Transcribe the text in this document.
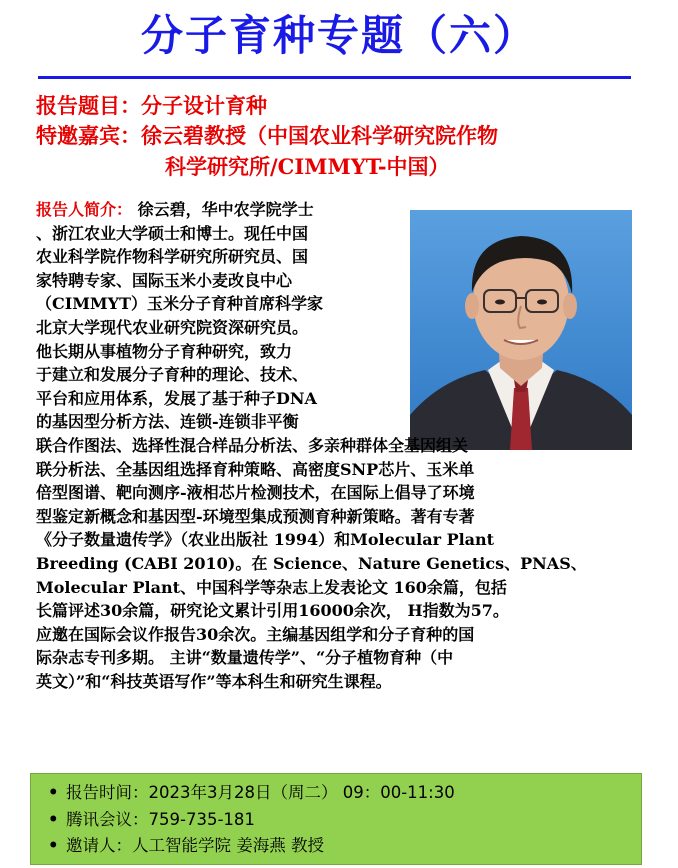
分子育种专题（六）
报告题目：分子设计育种
特邀嘉宾：徐云碧教授（中国农业科学研究院作物
科学研究所/CIMMYT-中国）
报告人简介： 徐云碧，华中农学院学士
、浙江农业大学硕士和博士。现任中国
农业科学院作物科学研究所研究员、国
家特聘专家、国际玉米小麦改良中心
（CIMMYT）玉米分子育种首席科学家
北京大学现代农业研究院资深研究员。
他长期从事植物分子育种研究，致力
于建立和发展分子育种的理论、技术、
平台和应用体系，发展了基于种子DNA
的基因型分析方法、连锁-连锁非平衡
联合作图法、选择性混合样品分析法、多亲种群体全基因组关
联分析法、全基因组选择育种策略、高密度SNP芯片、玉米单
倍型图谱、靶向测序-液相芯片检测技术，在国际上倡导了环境
型鉴定新概念和基因型-环境型集成预测育种新策略。著有专著
《分子数量遗传学》（农业出版社 1994）和Molecular Plant
Breeding (CABI 2010)。在 Science、Nature Genetics、PNAS、
Molecular Plant、中国科学等杂志上发表论文 160余篇，包括
长篇评述30余篇，研究论文累计引用16000余次， H指数为57。
应邀在国际会议作报告30余次。主编基因组学和分子育种的国
际杂志专刊多期。 主讲“数量遗传学”、“分子植物育种（中
英文）”和“科技英语写作”等本科生和研究生课程。
• 报告时间：2023年3月28日（周二） 09：00-11:30
• 腾讯会议：759-735-181
• 邀请人：人工智能学院 姜海燕 教授
